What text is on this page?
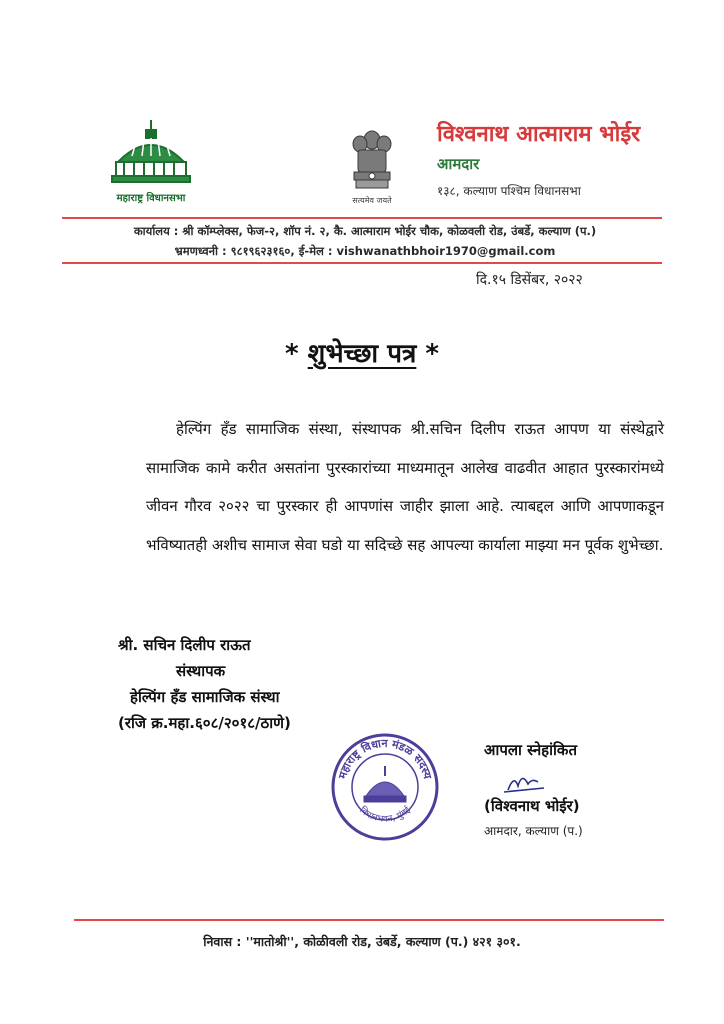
महाराष्ट्र विधानसभा	सत्यमेव जयते
विश्वनाथ आत्माराम भोईर
आमदार
१३८, कल्याण पश्चिम विधानसभा
कार्यालय : श्री कॉम्प्लेक्स, फेज-२, शॉप नं. २, कै. आत्माराम भोईर चौक, कोळवली रोड, उंबर्डे, कल्याण (प.)
भ्रमणध्वनी : ९८१९६२३१६०, ई-मेल : vishwanathbhoir1970@gmail.com
दि.१५ डिसेंबर, २०२२
* शुभेच्छा पत्र *

हेल्पिंग हँड सामाजिक संस्था, संस्थापक श्री.सचिन दिलीप राऊत आपण या संस्थेद्वारे सामाजिक कामे करीत असतांना पुरस्कारांच्या माध्यमातून आलेख वाढवीत आहात पुरस्कारांमध्ये जीवन गौरव २०२२ चा पुरस्कार ही आपणांस जाहीर झाला आहे. त्याबद्दल आणि आपणाकडून भविष्यातही अशीच सामाज सेवा घडो या सदिच्छे सह आपल्या कार्याला माझ्या मन पूर्वक शुभेच्छा.

श्री. सचिन दिलीप राऊत
संस्थापक
हेल्पिंग हँड सामाजिक संस्था
(रजि क्र.महा.६०८/२०१८/ठाणे)
महाराष्ट्र विधान मंडळ सदस्य
विधानभवन, मुंबई
आपला स्नेहांकित
(विश्वनाथ भोईर)
आमदार, कल्याण (प.)
निवास : ''मातोश्री'', कोळीवली रोड, उंबर्डे, कल्याण (प.) ४२१ ३०१.
